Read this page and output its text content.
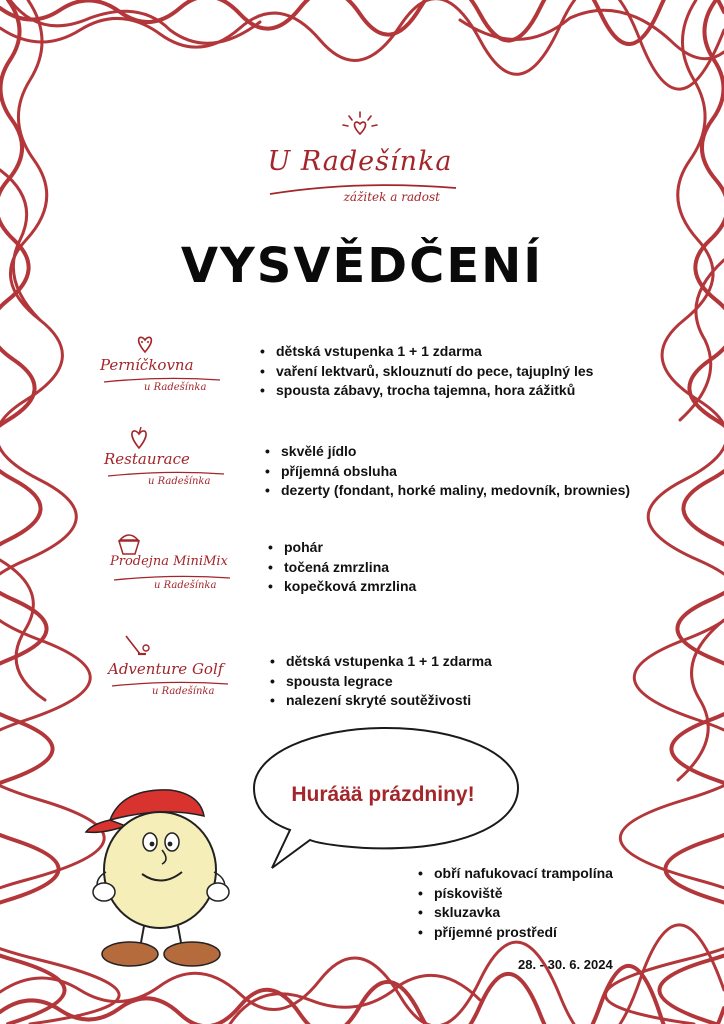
U Radešínka
zážitek a radost
VYSVĚDČENÍ
Perníčkovna
u Radešínka
• dětská vstupenka 1 + 1 zdarma
• vaření lektvarů, sklouznutí do pece, tajuplný les
• spousta zábavy, trocha tajemna, hora zážitků
Restaurace
u Radešínka
• skvělé jídlo
• příjemná obsluha
• dezerty (fondant, horké maliny, medovník, brownies)
Prodejna MiniMix
u Radešínka
• pohár
• točená zmrzlina
• kopečková zmrzlina
Adventure Golf
u Radešínka
• dětská vstupenka 1 + 1 zdarma
• spousta legrace
• nalezení skryté soutěživosti
Huráää prázdniny!
• obří nafukovací trampolína
• pískoviště
• skluzavka
• příjemné prostředí
28. - 30. 6. 2024
